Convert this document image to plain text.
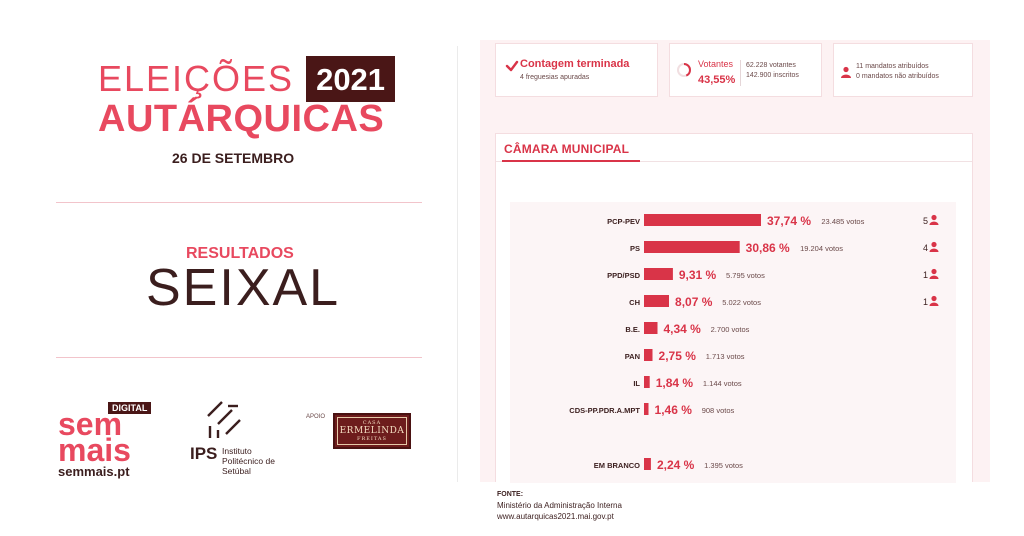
ELEIÇÕES 2021
AUTÁRQUICAS
26 DE SETEMBRO
RESULTADOS
SEIXAL
DIGITAL
sem
mais
semmais.pt
IPS Instituto
Politécnico de Setúbal
APOIO
CASA
ERMELINDA
FREITAS
Contagem terminada
4 freguesias apuradas
Votantes
43,55%
62.228 votantes
142.900 inscritos
11 mandatos atribuídos
0 mandatos não atribuídos
CÂMARA MUNICIPAL
PCP-PEV	37,74 % 23.485 votos	5
PS	30,86 % 19.204 votos	4
PPD/PSD	9,31 % 5.795 votos	1
CH	8,07 % 5.022 votos	1
B.E. 4,34 % 2.700 votos
PAN 2,75 % 1.713 votos
IL 1,84 % 1.144 votos
CDS-PP.PDR.A.MPT 1,46 % 908 votos
EM BRANCO 2,24 % 1.395 votos
FONTE:
Ministério da Administração Interna
www.autarquicas2021.mai.gov.pt
